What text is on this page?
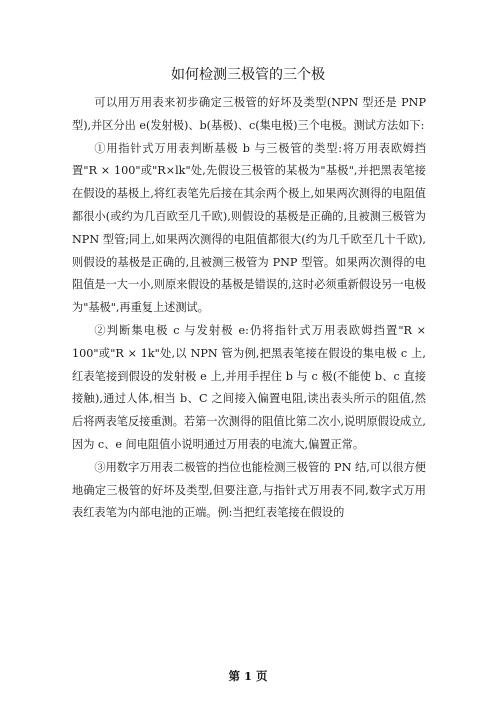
如何检测三极管的三个极

可以用万用表来初步确定三极管的好坏及类型(NPN 型还是 PNP 型),并区分出 e(发射极)、b(基极)、c(集电极)三个电极。测试方法如下:

①用指针式万用表判断基极 b 与三极管的类型:将万用表欧姆挡置"R × 100"或"R×lk"处,先假设三极管的某极为"基极",并把黑表笔接在假设的基极上,将红表笔先后接在其余两个极上,如果两次测得的电阻值都很小(或约为几百欧至几千欧),则假设的基极是正确的,且被测三极管为 NPN 型管;同上,如果两次测得的电阻值都很大(约为几千欧至几十千欧),则假设的基极是正确的,且被测三极管为 PNP 型管。如果两次测得的电阻值是一大一小,则原来假设的基极是错误的,这时必须重新假设另一电极为"基极",再重复上述测试。

②判断集电极 c 与发射极 e:仍将指针式万用表欧姆挡置"R × 100"或"R × 1k"处,以 NPN 管为例,把黑表笔接在假设的集电极 c 上,红表笔接到假设的发射极 e 上,并用手捏住 b 与 c 极(不能使 b、c 直接接触),通过人体,相当 b、C 之间接入偏置电阻,读出表头所示的阻值,然后将两表笔反接重测。若第一次测得的阻值比第二次小,说明原假设成立,因为 c、e 间电阻值小说明通过万用表的电流大,偏置正常。

③用数字万用表二极管的挡位也能检测三极管的 PN 结,可以很方便地确定三极管的好坏及类型,但要注意,与指针式万用表不同,数字式万用表红表笔为内部电池的正端。例:当把红表笔接在假设的

第 1 页
